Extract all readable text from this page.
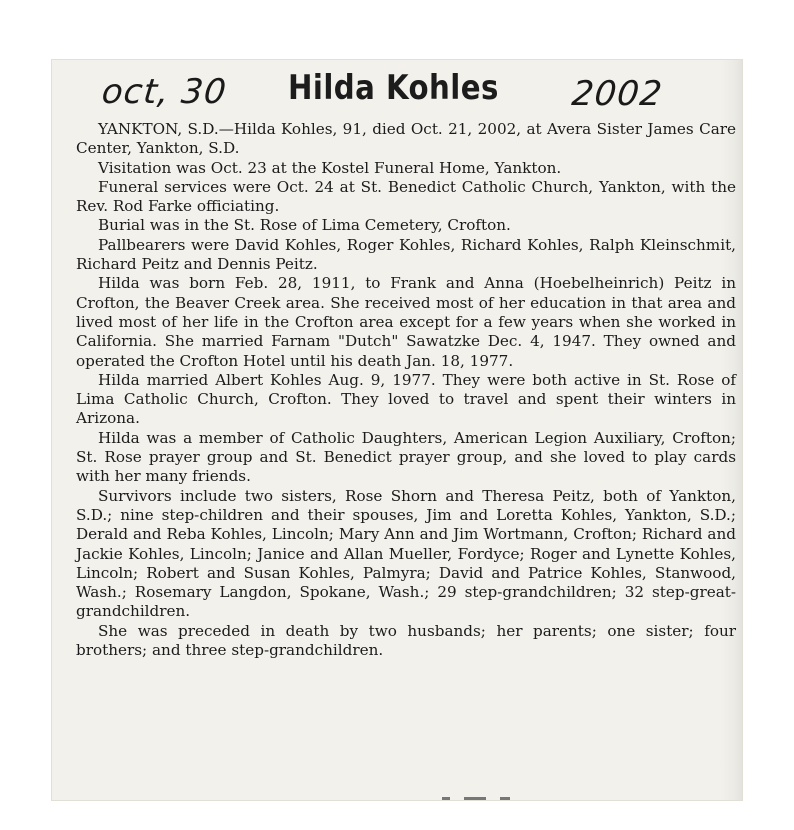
oct, 30 Hilda Kohles 2002

YANKTON, S.D.—Hilda Kohles, 91, died Oct. 21, 2002, at Avera Sister James Care Center, Yankton, S.D.

Visitation was Oct. 23 at the Kostel Funeral Home, Yankton.

Funeral services were Oct. 24 at St. Benedict Catholic Church, Yankton, with the Rev. Rod Farke officiating.

Burial was in the St. Rose of Lima Cemetery, Crofton.

Pallbearers were David Kohles, Roger Kohles, Richard Kohles, Ralph Kleinschmit, Richard Peitz and Dennis Peitz.

Hilda was born Feb. 28, 1911, to Frank and Anna (Hoebelheinrich) Peitz in Crofton, the Beaver Creek area. She received most of her education in that area and lived most of her life in the Crofton area except for a few years when she worked in California. She married Farnam "Dutch" Sawatzke Dec. 4, 1947. They owned and operated the Crofton Hotel until his death Jan. 18, 1977.

Hilda married Albert Kohles Aug. 9, 1977. They were both active in St. Rose of Lima Catholic Church, Crofton. They loved to travel and spent their winters in Arizona.

Hilda was a member of Catholic Daughters, American Legion Auxiliary, Crofton; St. Rose prayer group and St. Benedict prayer group, and she loved to play cards with her many friends.

Survivors include two sisters, Rose Shorn and Theresa Peitz, both of Yankton, S.D.; nine step-children and their spouses, Jim and Loretta Kohles, Yankton, S.D.; Derald and Reba Kohles, Lincoln; Mary Ann and Jim Wortmann, Crofton; Richard and Jackie Kohles, Lincoln; Janice and Allan Mueller, Fordyce; Roger and Lynette Kohles, Lincoln; Robert and Susan Kohles, Palmyra; David and Patrice Kohles, Stanwood, Wash.; Rosemary Langdon, Spokane, Wash.; 29 step-grandchildren; 32 step-great-grandchildren.

She was preceded in death by two husbands; her parents; one sister; four brothers; and three step-grandchildren.
